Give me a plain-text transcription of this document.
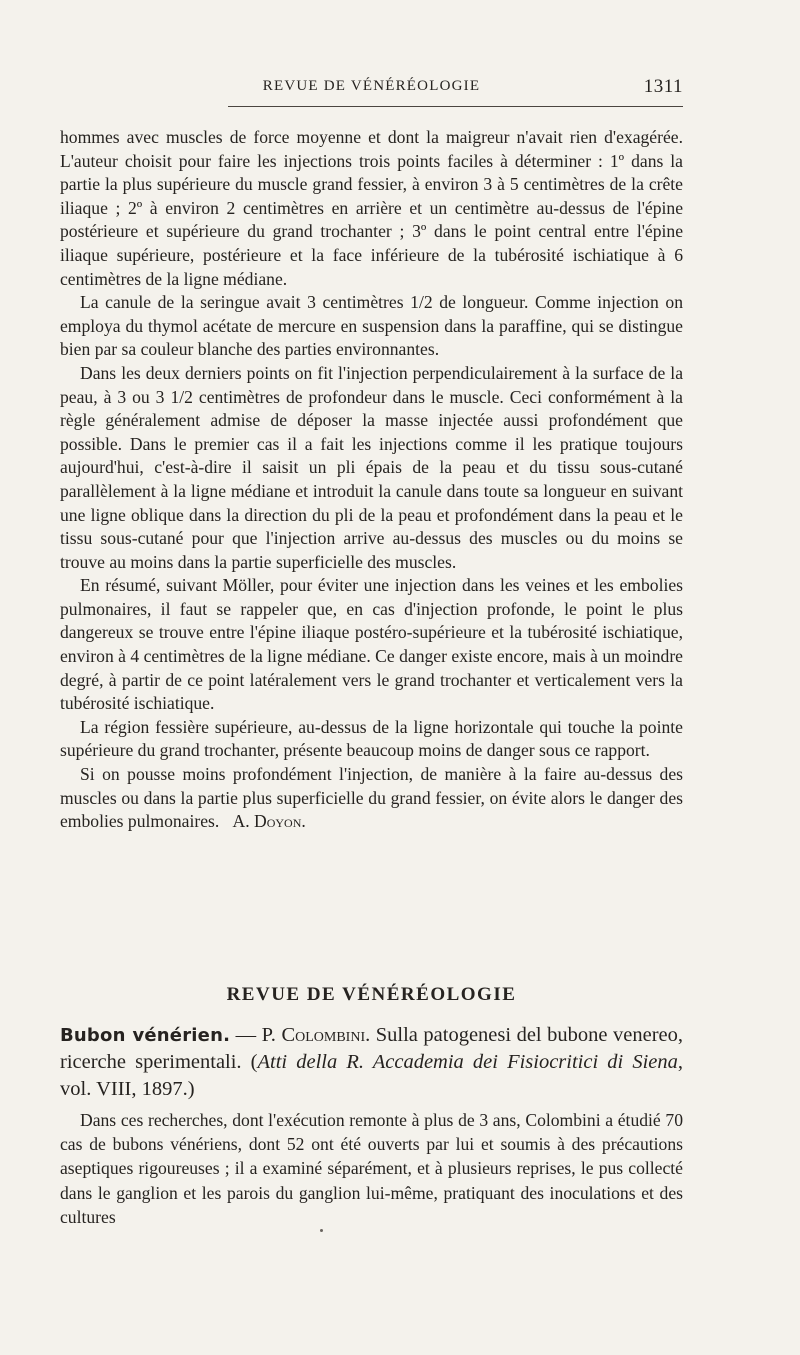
REVUE DE VÉNÉRÉOLOGIE	1311

hommes avec muscles de force moyenne et dont la maigreur n'avait rien d'exagérée. L'auteur choisit pour faire les injections trois points faciles à déterminer : 1º dans la partie la plus supérieure du muscle grand fessier, à environ 3 à 5 centimètres de la crête iliaque ; 2º à environ 2 centimètres en arrière et un centimètre au-dessus de l'épine postérieure et supérieure du grand trochanter ; 3º dans le point central entre l'épine iliaque supérieure, postérieure et la face inférieure de la tubérosité ischiatique à 6 centimètres de la ligne médiane.

La canule de la seringue avait 3 centimètres 1/2 de longueur. Comme injection on employa du thymol acétate de mercure en suspension dans la paraffine, qui se distingue bien par sa couleur blanche des parties environnantes.

Dans les deux derniers points on fit l'injection perpendiculairement à la surface de la peau, à 3 ou 3 1/2 centimètres de profondeur dans le muscle. Ceci conformément à la règle généralement admise de déposer la masse injectée aussi profondément que possible. Dans le premier cas il a fait les injections comme il les pratique toujours aujourd'hui, c'est-à-dire il saisit un pli épais de la peau et du tissu sous-cutané parallèlement à la ligne médiane et introduit la canule dans toute sa longueur en suivant une ligne oblique dans la direction du pli de la peau et profondément dans la peau et le tissu sous-cutané pour que l'injection arrive au-dessus des muscles ou du moins se trouve au moins dans la partie superficielle des muscles.

En résumé, suivant Möller, pour éviter une injection dans les veines et les embolies pulmonaires, il faut se rappeler que, en cas d'injection profonde, le point le plus dangereux se trouve entre l'épine iliaque postéro-supérieure et la tubérosité ischiatique, environ à 4 centimètres de la ligne médiane. Ce danger existe encore, mais à un moindre degré, à partir de ce point latéralement vers le grand trochanter et verticalement vers la tubérosité ischiatique.

La région fessière supérieure, au-dessus de la ligne horizontale qui touche la pointe supérieure du grand trochanter, présente beaucoup moins de danger sous ce rapport.

Si on pousse moins profondément l'injection, de manière à la faire au-dessus des muscles ou dans la partie plus superficielle du grand fessier, on évite alors le danger des embolies pulmonaires. A. Doyon.

REVUE DE VÉNÉRÉOLOGIE

Bubon vénérien. — P. Colombini. Sulla patogenesi del bubone venereo, ricerche sperimentali. (Atti della R. Accademia dei Fisiocritici di Siena, vol. VIII, 1897.)

Dans ces recherches, dont l'exécution remonte à plus de 3 ans, Colombini a étudié 70 cas de bubons vénériens, dont 52 ont été ouverts par lui et soumis à des précautions aseptiques rigoureuses ; il a examiné séparément, et à plusieurs reprises, le pus collecté dans le ganglion et les parois du ganglion lui-même, pratiquant des inoculations et des cultures
